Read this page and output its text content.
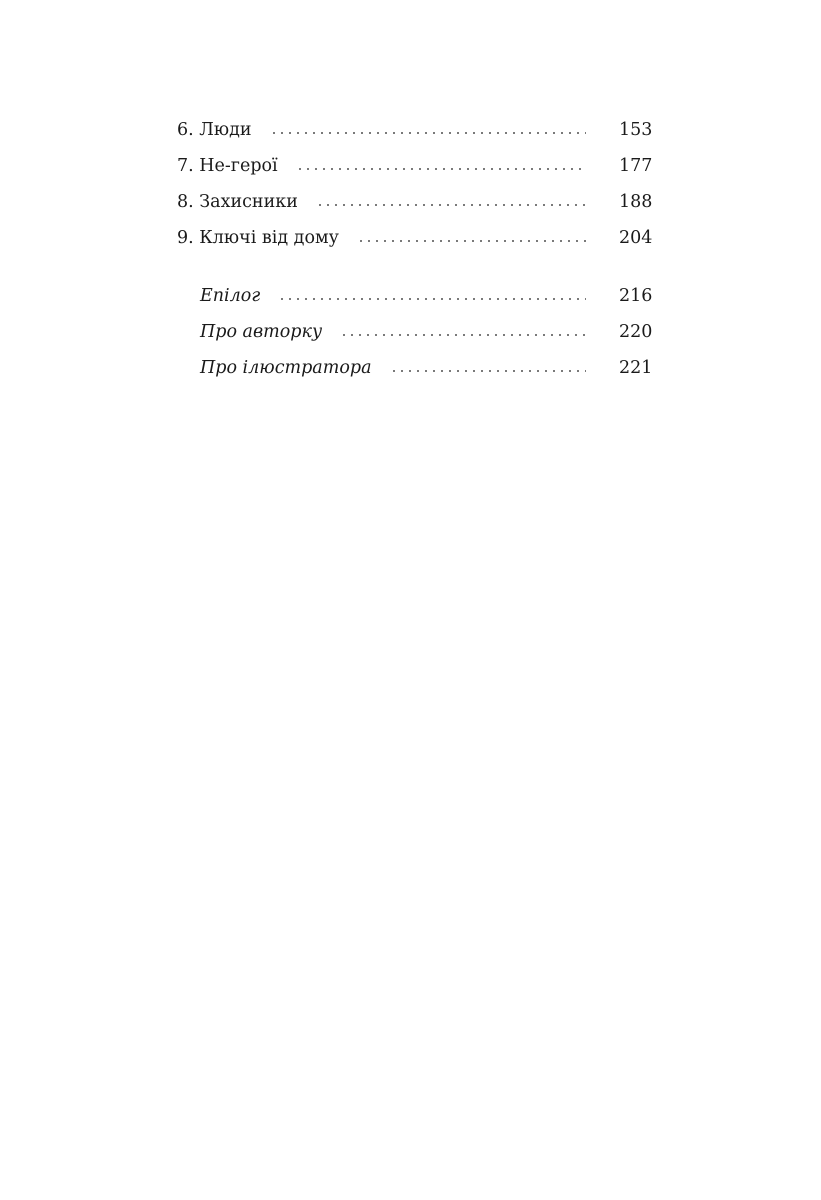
6. Люди	153
7. Не-герої	177
8. Захисники	188
9. Ключі від дому	204
Епілог	216
Про авторку	220
Про ілюстратора	221
